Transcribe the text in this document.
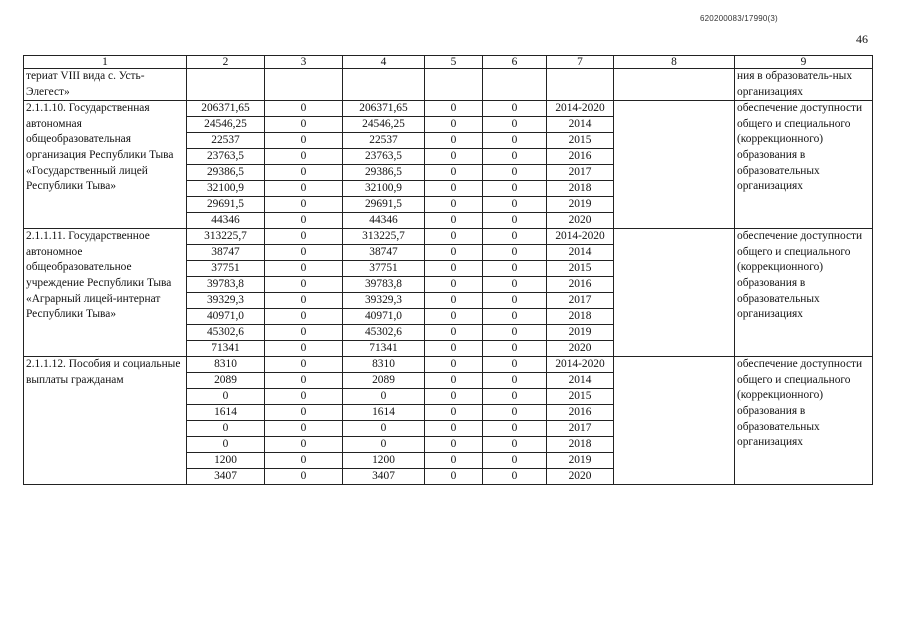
620200083/17990(3)
46
1	2	3	4	5	6	7	8	9
териат VIII вида с. Усть-Элегест»								ния в образователь-ных организациях
2.1.1.10. Государственная автономная общеобразовательная организация Республики Тыва «Государственный лицей Республики Тыва»	206371,65	0	206371,65	0	0	2014-2020		обеспечение доступности общего и специального (коррекционного) образования в образовательных организациях
	24546,25	0	24546,25	0	0	2014		
	22537	0	22537	0	0	2015		
	23763,5	0	23763,5	0	0	2016		
	29386,5	0	29386,5	0	0	2017		
	32100,9	0	32100,9	0	0	2018		
	29691,5	0	29691,5	0	0	2019		
	44346	0	44346	0	0	2020		
2.1.1.11. Государственное автономное общеобразовательное учреждение Республики Тыва «Аграрный лицей-интернат Республики Тыва»	313225,7	0	313225,7	0	0	2014-2020		обеспечение доступности общего и специального (коррекционного) образования в образовательных организациях
	38747	0	38747	0	0	2014		
	37751	0	37751	0	0	2015		
	39783,8	0	39783,8	0	0	2016		
	39329,3	0	39329,3	0	0	2017		
	40971,0	0	40971,0	0	0	2018		
	45302,6	0	45302,6	0	0	2019		
	71341	0	71341	0	0	2020		
2.1.1.12. Пособия и социальные выплаты гражданам	8310	0	8310	0	0	2014-2020		обеспечение доступности общего и специального (коррекционного) образования в образовательных организациях
	2089	0	2089	0	0	2014		
	0	0	0	0	0	2015		
	1614	0	1614	0	0	2016		
	0	0	0	0	0	2017		
	0	0	0	0	0	2018		
	1200	0	1200	0	0	2019		
	3407	0	3407	0	0	2020		
